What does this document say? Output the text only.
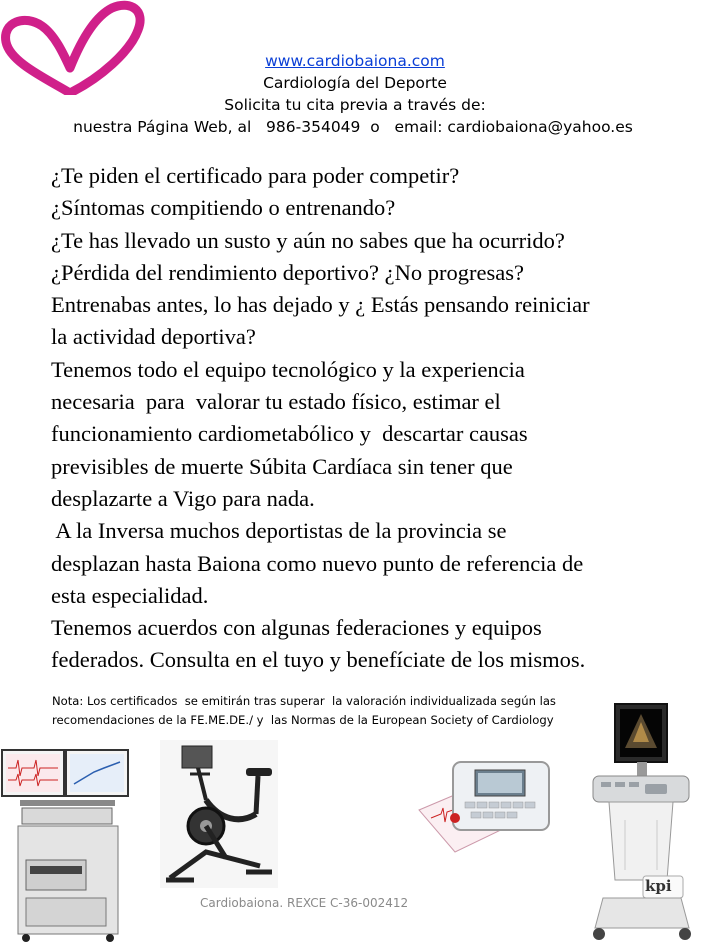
www.cardiobaiona.com
Cardiología del Deporte
Solicita tu cita previa a través de:
nuestra Página Web, al   986-354049  o   email: cardiobaiona@yahoo.es
¿Te piden el certificado para poder competir?
¿Síntomas compitiendo o entrenando?
¿Te has llevado un susto y aún no sabes que ha ocurrido?
¿Pérdida del rendimiento deportivo? ¿No progresas?
Entrenabas antes, lo has dejado y ¿ Estás pensando reiniciar
la actividad deportiva?
Tenemos todo el equipo tecnológico y la experiencia
necesaria  para  valorar tu estado físico, estimar el
funcionamiento cardiometabólico y  descartar causas
previsibles de muerte Súbita Cardíaca sin tener que
desplazarte a Vigo para nada.
A la Inversa muchos deportistas de la provincia se
desplazan hasta Baiona como nuevo punto de referencia de
esta especialidad.
Tenemos acuerdos con algunas federaciones y equipos
federados. Consulta en el tuyo y benefíciate de los mismos.
Nota: Los certificados  se emitirán tras superar  la valoración individualizada según las
recomendaciones de la FE.ME.DE./ y  las Normas de la European Society of Cardiology
kpi
Cardiobaiona. REXCE C-36-002412
